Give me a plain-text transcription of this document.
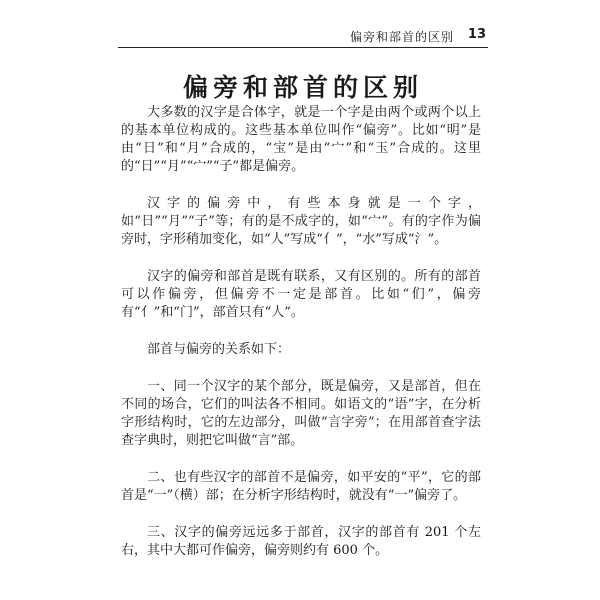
偏旁和部首的区别 13
偏旁和部首的区别

大多数的汉字是合体字，就是一个字是由两个或两个以上的基本单位构成的。这些基本单位叫作“偏旁”。比如“明”是由“日”和“月”合成的，“宝”是由“宀”和“玉”合成的。这里的“日”“月”“宀”“子”都是偏旁。

汉字的偏旁中，有些本身就是一个字，如“日”“月”“子”等；有的是不成字的，如“宀”。有的字作为偏旁时，字形稍加变化，如“人”写成“亻”，“水”写成“氵”。

汉字的偏旁和部首是既有联系，又有区别的。所有的部首可以作偏旁，但偏旁不一定是部首。比如“们”，偏旁有“亻”和“门”，部首只有“人”。

部首与偏旁的关系如下：

一、同一个汉字的某个部分，既是偏旁，又是部首，但在不同的场合，它们的叫法各不相同。如语文的“语”字，在分析字形结构时，它的左边部分，叫做“言字旁”；在用部首查字法查字典时，则把它叫做“言”部。

二、也有些汉字的部首不是偏旁，如平安的“平”，它的部首是“一”（横）部；在分析字形结构时，就没有“一”偏旁了。

三、汉字的偏旁远远多于部首，汉字的部首有 201 个左右，其中大都可作偏旁，偏旁则约有 600 个。
